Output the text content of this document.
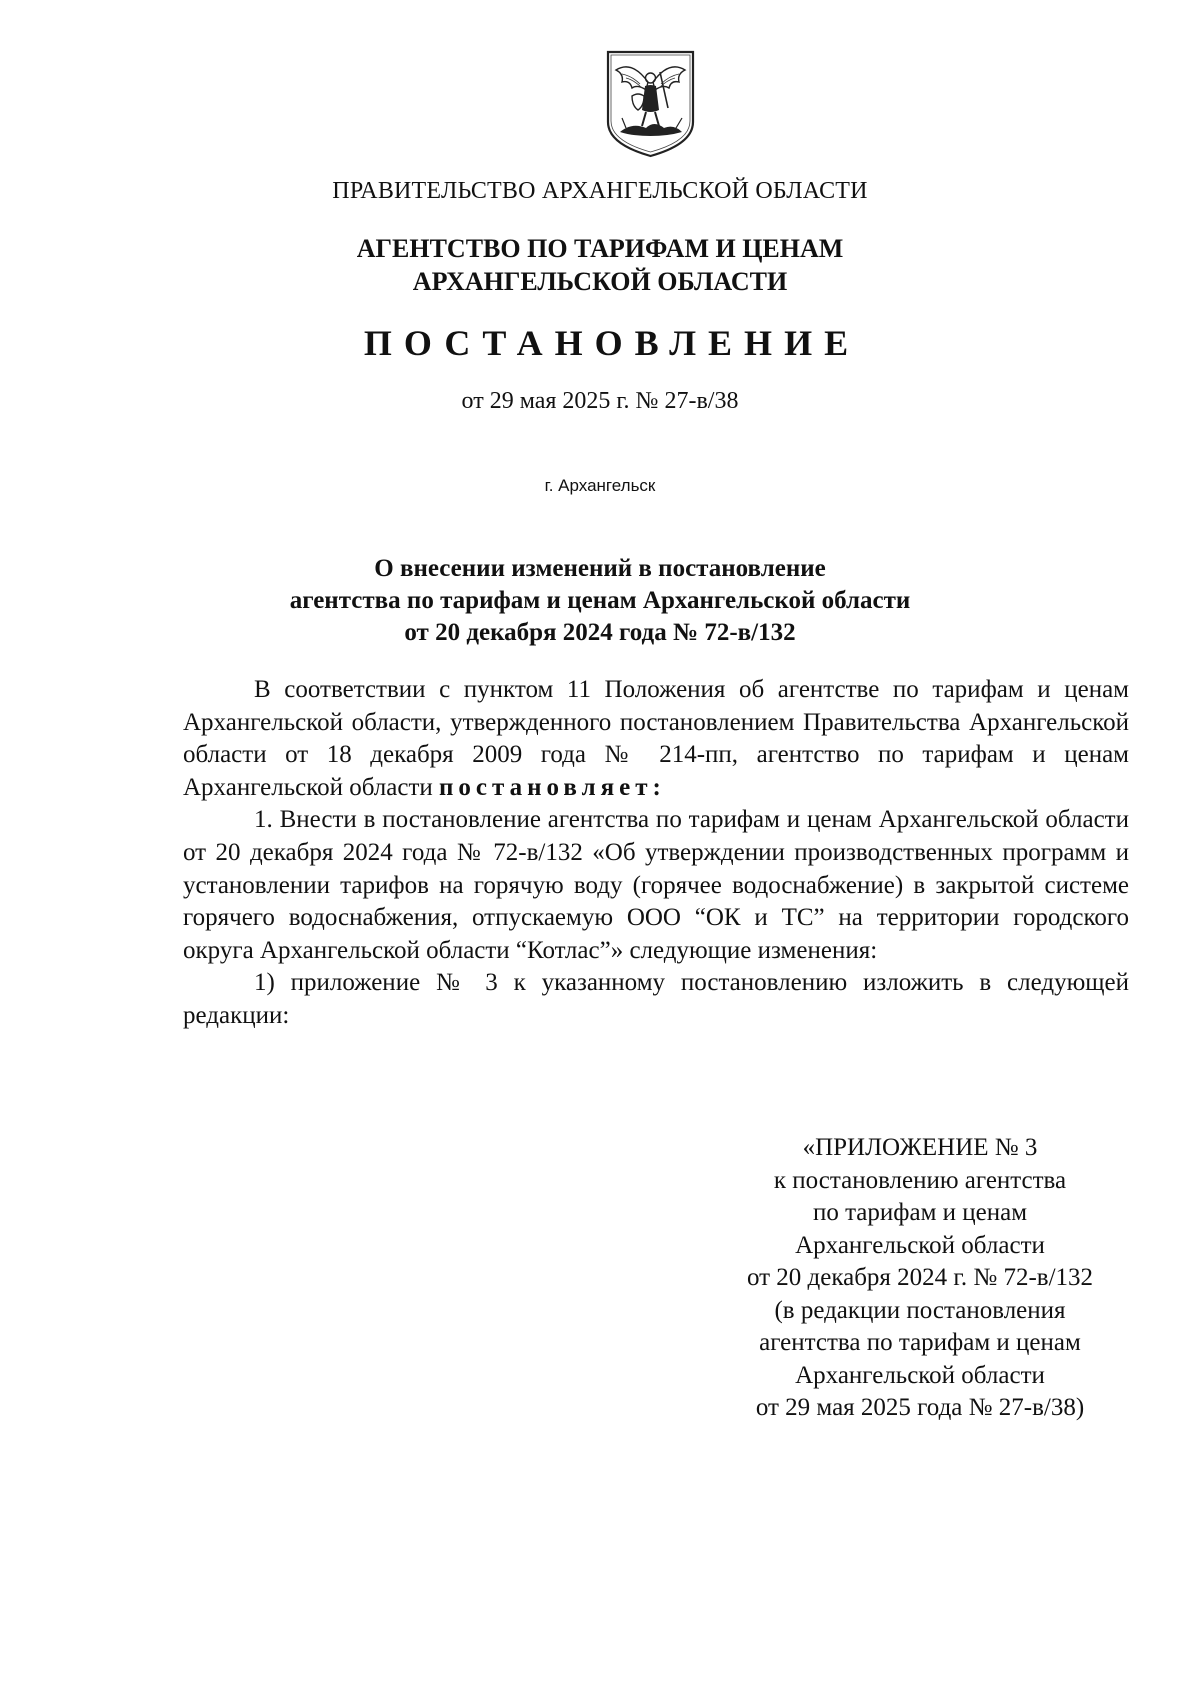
ПРАВИТЕЛЬСТВО АРХАНГЕЛЬСКОЙ ОБЛАСТИ
АГЕНТСТВО ПО ТАРИФАМ И ЦЕНАМ
АРХАНГЕЛЬСКОЙ ОБЛАСТИ
ПОСТАНОВЛЕНИЕ
от 29 мая 2025 г. № 27-в/38
г. Архангельск
О внесении изменений в постановление
агентства по тарифам и ценам Архангельской области
от 20 декабря 2024 года № 72-в/132

В соответствии с пунктом 11 Положения об агентстве по тарифам и ценам Архангельской области, утвержденного постановлением Правительства Архангельской области от 18 декабря 2009 года № 214-пп, агентство по тарифам и ценам Архангельской области постановляет:

1. Внести в постановление агентства по тарифам и ценам Архангельской области от 20 декабря 2024 года № 72-в/132 «Об утверждении производственных программ и установлении тарифов на горячую воду (горячее водоснабжение) в закрытой системе горячего водоснабжения, отпускаемую ООО “ОК и ТС” на территории городского округа Архангельской области “Котлас”» следующие изменения:

1) приложение № 3 к указанному постановлению изложить в следующей редакции:

«ПРИЛОЖЕНИЕ № 3
к постановлению агентства
по тарифам и ценам
Архангельской области
от 20 декабря 2024 г. № 72-в/132
(в редакции постановления
агентства по тарифам и ценам
Архангельской области
от 29 мая 2025 года № 27-в/38)
